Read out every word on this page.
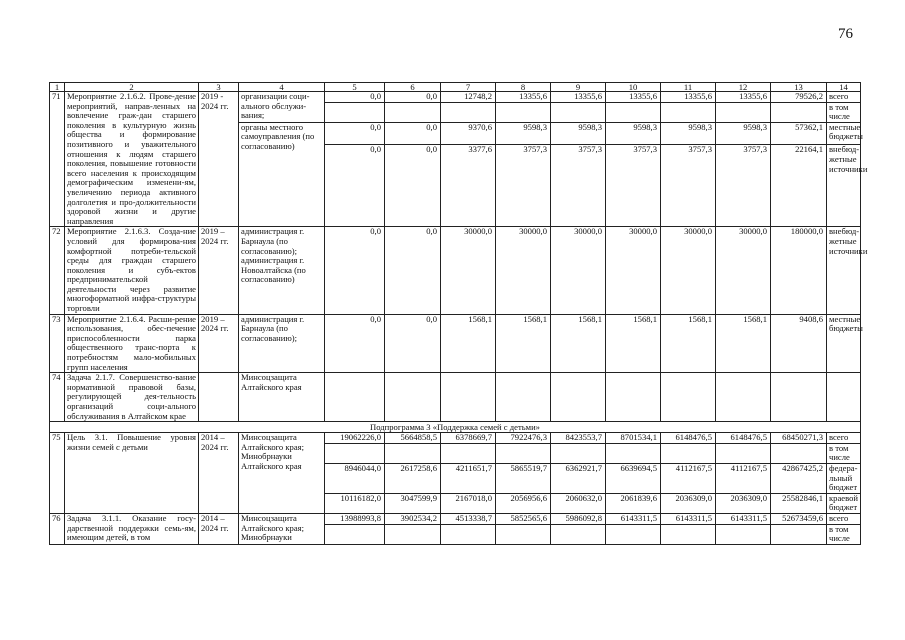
76
1	2	3	4	5	6	7	8	9	10	11	12	13	14
71	Мероприятие 2.1.6.2. Прове-дение мероприятий, направ-ленных на вовлечение граж-дан старшего поколения в культурную жизнь общества и формирование позитивного и уважительного отношения к людям старшего поколения, повышение готовности всего населения к происходящим демографическим изменени-ям, увеличению периода активного долголетия и про-должительности здоровой жизни и другие направления	2019 - 2024 гг.	организации соци-ального обслужи-вания;	0,0	0,0	12748,2	13355,6	13355,6	13355,6	13355,6	13355,6	79526,2	всего
													в том числе
			органы местного самоуправления (по согласованию)	0,0	0,0	9370,6	9598,3	9598,3	9598,3	9598,3	9598,3	57362,1	местные бюджеты
				0,0	0,0	3377,6	3757,3	3757,3	3757,3	3757,3	3757,3	22164,1	внебюд-жетные источники
72	Мероприятие 2.1.6.3. Созда-ние условий для формирова-ния комфортной потреби-тельской среды для граждан старшего поколения и субъ-ектов предпринимательской деятельности через развитие многоформатной инфра-структуры торговли	2019 – 2024 гг.	администрация г. Барнаула (по согласованию); администрация г. Новоалтайска (по согласованию)	0,0	0,0	30000,0	30000,0	30000,0	30000,0	30000,0	30000,0	180000,0	внебюд-жетные источники
73	Мероприятие 2.1.6.4. Расши-рение использования, обес-печение приспособленности парка общественного транс-порта к потребностям мало-мобильных групп населения	2019 – 2024 гг.	администрация г. Барнаула (по согласованию);	0,0	0,0	1568,1	1568,1	1568,1	1568,1	1568,1	1568,1	9408,6	местные бюджеты
74	Задача 2.1.7. Совершенство-вание нормативной правовой базы, регулирующей дея-тельность организаций соци-ального обслуживания в Алтайском крае		Минсоцзащита Алтайского края										
Подпрограмма 3 «Поддержка семей с детьми»													
75	Цель 3.1. Повышение уровня жизни семей с детьми	2014 – 2024 гг.	Минсоцзащита Алтайского края; Минобрнауки Алтайского края	19062226,0	5664858,5	6378669,7	7922476,3	8423553,7	8701534,1	6148476,5	6148476,5	68450271,3	всего
													в том числе
				8946044,0	2617258,6	4211651,7	5865519,7	6362921,7	6639694,5	4112167,5	4112167,5	42867425,2	федера-льный бюджет
				10116182,0	3047599,9	2167018,0	2056956,6	2060632,0	2061839,6	2036309,0	2036309,0	25582846,1	краевой бюджет
76	Задача 3.1.1. Оказание госу-дарственной поддержки семь-ям, имеющим детей, в том	2014 – 2024 гг.	Минсоцзащита Алтайского края; Минобрнауки	13988993,8	3902534,2	4513338,7	5852565,6	5986092,8	6143311,5	6143311,5	6143311,5	52673459,6	всего
													в том числе
